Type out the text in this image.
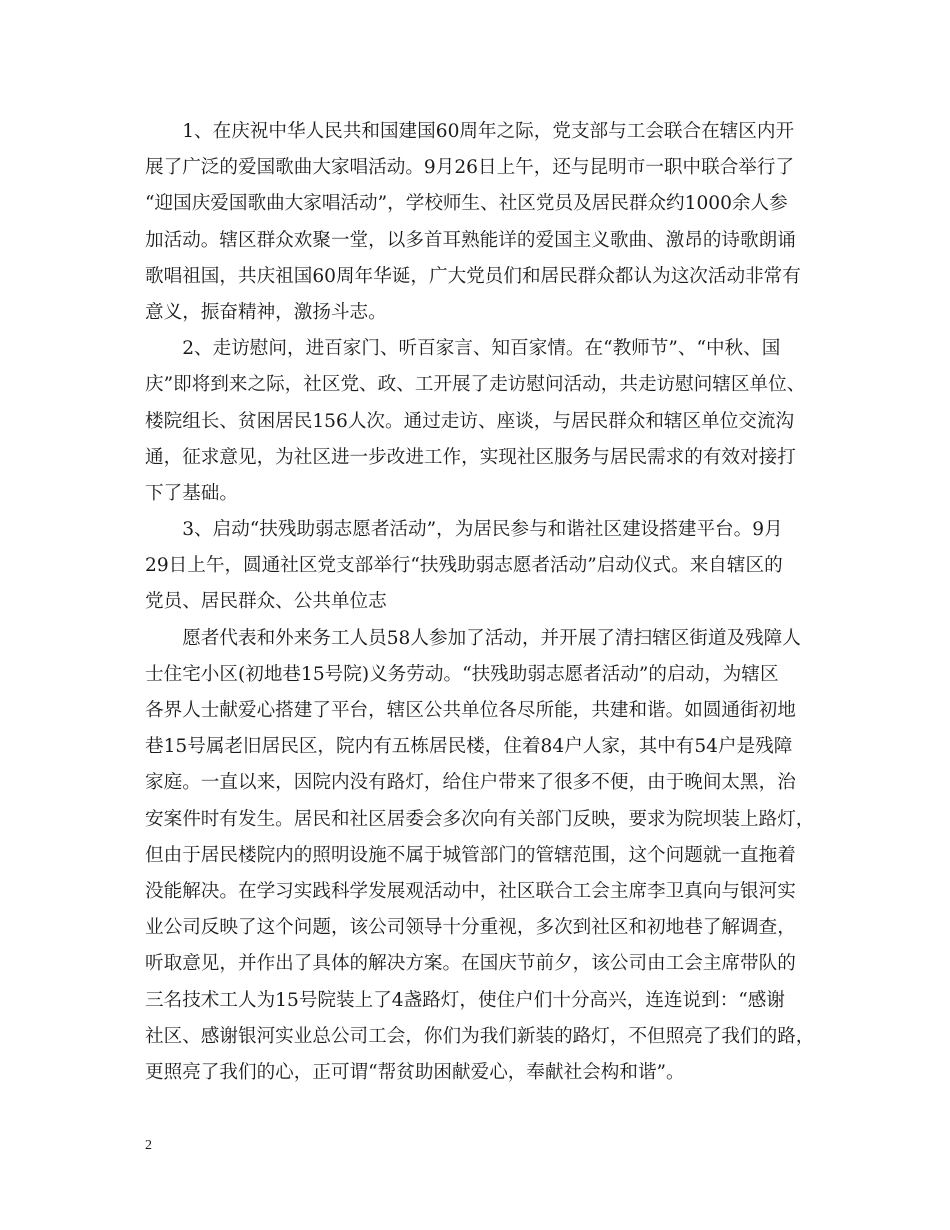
　　1、在庆祝中华人民共和国建国60周年之际，党支部与工会联合在辖区内开
展了广泛的爱国歌曲大家唱活动。9月26日上午，还与昆明市一职中联合举行了
“迎国庆爱国歌曲大家唱活动”，学校师生、社区党员及居民群众约1000余人参
加活动。辖区群众欢聚一堂，以多首耳熟能详的爱国主义歌曲、激昂的诗歌朗诵
歌唱祖国，共庆祖国60周年华诞，广大党员们和居民群众都认为这次活动非常有
意义，振奋精神，激扬斗志。
　　2、走访慰问，进百家门、听百家言、知百家情。在“教师节”、“中秋、国
庆”即将到来之际，社区党、政、工开展了走访慰问活动，共走访慰问辖区单位、
楼院组长、贫困居民156人次。通过走访、座谈，与居民群众和辖区单位交流沟
通，征求意见，为社区进一步改进工作，实现社区服务与居民需求的有效对接打
下了基础。
　　3、启动“扶残助弱志愿者活动”，为居民参与和谐社区建设搭建平台。9月
29日上午，圆通社区党支部举行“扶残助弱志愿者活动”启动仪式。来自辖区的
党员、居民群众、公共单位志
　　愿者代表和外来务工人员58人参加了活动，并开展了清扫辖区街道及残障人
士住宅小区(初地巷15号院)义务劳动。“扶残助弱志愿者活动”的启动，为辖区
各界人士献爱心搭建了平台，辖区公共单位各尽所能，共建和谐。如圆通街初地
巷15号属老旧居民区，院内有五栋居民楼，住着84户人家，其中有54户是残障
家庭。一直以来，因院内没有路灯，给住户带来了很多不便，由于晚间太黑，治
安案件时有发生。居民和社区居委会多次向有关部门反映，要求为院坝装上路灯，
但由于居民楼院内的照明设施不属于城管部门的管辖范围，这个问题就一直拖着
没能解决。在学习实践科学发展观活动中，社区联合工会主席李卫真向与银河实
业公司反映了这个问题，该公司领导十分重视，多次到社区和初地巷了解调查，
听取意见，并作出了具体的解决方案。在国庆节前夕，该公司由工会主席带队的
三名技术工人为15号院装上了4盏路灯，使住户们十分高兴，连连说到：“感谢
社区、感谢银河实业总公司工会，你们为我们新装的路灯，不但照亮了我们的路，
更照亮了我们的心，正可谓“帮贫助困献爱心，奉献社会构和谐”。
2
